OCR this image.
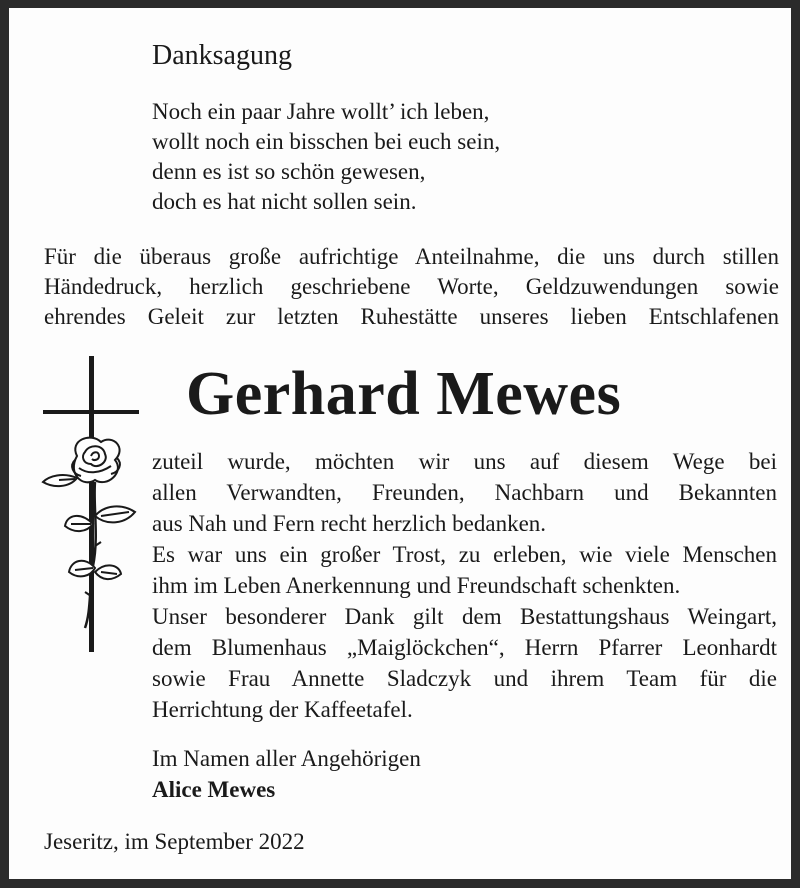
Danksagung
Noch ein paar Jahre wollt’ ich leben,
wollt noch ein bisschen bei euch sein,
denn es ist so schön gewesen,
doch es hat nicht sollen sein.
Für die überaus große aufrichtige Anteilnahme, die uns durch stillen
Händedruck, herzlich geschriebene Worte, Geldzuwendungen sowie
ehrendes Geleit zur letzten Ruhestätte unseres lieben Entschlafenen
Gerhard Mewes
zuteil wurde, möchten wir uns auf diesem Wege bei
allen Verwandten, Freunden, Nachbarn und Bekannten
aus Nah und Fern recht herzlich bedanken.
Es war uns ein großer Trost, zu erleben, wie viele Menschen
ihm im Leben Anerkennung und Freundschaft schenkten.
Unser besonderer Dank gilt dem Bestattungshaus Weingart,
dem Blumenhaus „Maiglöckchen“, Herrn Pfarrer Leonhardt
sowie Frau Annette Sladczyk und ihrem Team für die
Herrichtung der Kaffeetafel.
Im Namen aller Angehörigen
Alice Mewes
Jeseritz, im September 2022
